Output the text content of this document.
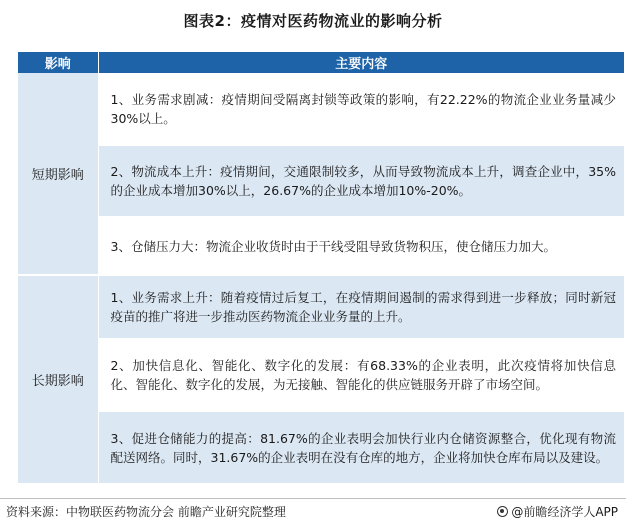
图表2：疫情对医药物流业的影响分析
影响	主要内容
短期影响	1、业务需求剧减：疫情期间受隔离封锁等政策的影响，有22.22%的物流企业业务量减少30%以上。
	2、物流成本上升：疫情期间，交通限制较多，从而导致物流成本上升，调查企业中，35%的企业成本增加30%以上，26.67%的企业成本增加10%-20%。
	3、仓储压力大：物流企业收货时由于干线受阻导致货物积压，使仓储压力加大。
长期影响	1、业务需求上升：随着疫情过后复工，在疫情期间遏制的需求得到进一步释放；同时新冠疫苗的推广将进一步推动医药物流企业业务量的上升。
	2、加快信息化、智能化、数字化的发展：有68.33%的企业表明，此次疫情将加快信息化、智能化、数字化的发展，为无接触、智能化的供应链服务开辟了市场空间。
	3、促进仓储能力的提高：81.67%的企业表明会加快行业内仓储资源整合，优化现有物流配送网络。同时，31.67%的企业表明在没有仓库的地方，企业将加快仓库布局以及建设。
资料来源：中物联医药物流分会 前瞻产业研究院整理	@前瞻经济学人APP
